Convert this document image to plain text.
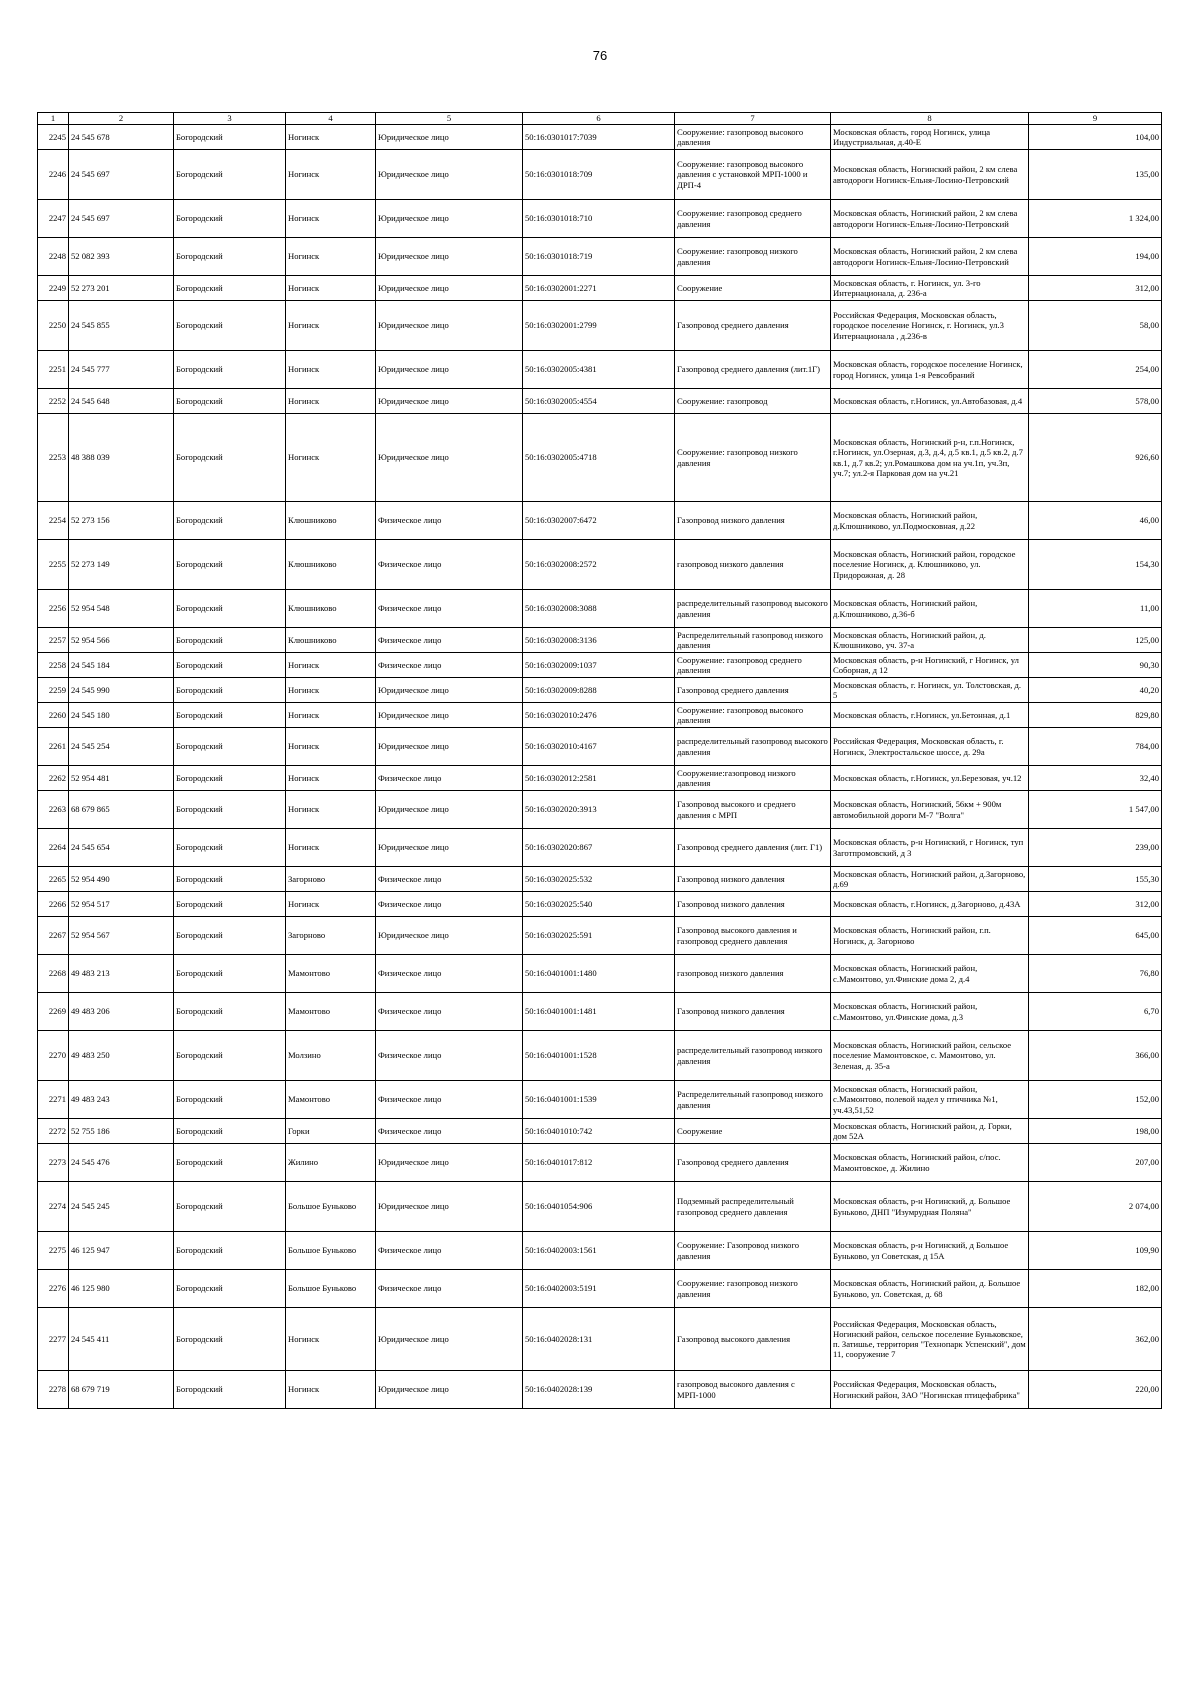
76
1	2	3	4	5	6	7	8	9
2245	24 545 678	Богородский	Ногинск	Юридическое лицо	50:16:0301017:7039	Сооружение: газопровод высокого давления	Московская область, город Ногинск, улица Индустриальная, д.40-Е	104,00
2246	24 545 697	Богородский	Ногинск	Юридическое лицо	50:16:0301018:709	Сооружение: газопровод высокого давления с установкой МРП-1000 и ДРП-4	Московская область, Ногинский район, 2 км слева автодороги Ногинск-Ельня-Лосино-Петровский	135,00
2247	24 545 697	Богородский	Ногинск	Юридическое лицо	50:16:0301018:710	Сооружение: газопровод среднего давления	Московская область, Ногинский район, 2 км слева автодороги Ногинск-Ельня-Лосино-Петровский	1 324,00
2248	52 082 393	Богородский	Ногинск	Юридическое лицо	50:16:0301018:719	Сооружение: газопровод низкого давления	Московская область, Ногинский район, 2 км слева автодороги Ногинск-Ельня-Лосино-Петровский	194,00
2249	52 273 201	Богородский	Ногинск	Юридическое лицо	50:16:0302001:2271	Сооружение	Московская область, г. Ногинск, ул. 3-го Интернационала, д. 236-а	312,00
2250	24 545 855	Богородский	Ногинск	Юридическое лицо	50:16:0302001:2799	Газопровод среднего давления	Российская Федерация, Московская область, городское поселение Ногинск, г. Ногинск, ул.3 Интернационала , д.236-в	58,00
2251	24 545 777	Богородский	Ногинск	Юридическое лицо	50:16:0302005:4381	Газопровод среднего давления (лит.1Г)	Московская область, городское поселение Ногинск, город Ногинск, улица 1-я Ревсобраний	254,00
2252	24 545 648	Богородский	Ногинск	Юридическое лицо	50:16:0302005:4554	Сооружение: газопровод	Московская область, г.Ногинск, ул.Автобазовая, д.4	578,00
2253	48 388 039	Богородский	Ногинск	Юридическое лицо	50:16:0302005:4718	Сооружение: газопровод низкого давления	Московская область, Ногинский р-н, г.п.Ногинск, г.Ногинск, ул.Озерная, д.3, д.4, д.5 кв.1, д.5 кв.2, д.7 кв.1, д.7 кв.2; ул.Ромашкова дом на уч.1п, уч.3п, уч.7; ул.2-я Парковая дом на уч.21	926,60
2254	52 273 156	Богородский	Клюшниково	Физическое лицо	50:16:0302007:6472	Газопровод низкого давления	Московская область, Ногинский район, д.Клюшниково, ул.Подмосковная, д.22	46,00
2255	52 273 149	Богородский	Клюшниково	Физическое лицо	50:16:0302008:2572	газопровод низкого давления	Московская область, Ногинский район, городское поселение Ногинск, д. Клюшниково, ул. Придорожная, д. 28	154,30
2256	52 954 548	Богородский	Клюшниково	Физическое лицо	50:16:0302008:3088	распределительный газопровод высокого давления	Московская область, Ногинский район, д.Клюшниково, д.36-б	11,00
2257	52 954 566	Богородский	Клюшниково	Физическое лицо	50:16:0302008:3136	Распределительный газопровод низкого давления	Московская область, Ногинский район, д. Клюшниково, уч. 37-а	125,00
2258	24 545 184	Богородский	Ногинск	Физическое лицо	50:16:0302009:1037	Сооружение: газопровод среднего давления	Московская область, р-н Ногинский, г Ногинск, ул Соборная, д 12	90,30
2259	24 545 990	Богородский	Ногинск	Юридическое лицо	50:16:0302009:8288	Газопровод среднего давления	Московская область, г. Ногинск, ул. Толстовская, д. 5	40,20
2260	24 545 180	Богородский	Ногинск	Юридическое лицо	50:16:0302010:2476	Сооружение: газопровод высокого давления	Московская область, г.Ногинск, ул.Бетонная, д.1	829,80
2261	24 545 254	Богородский	Ногинск	Юридическое лицо	50:16:0302010:4167	распределительный газопровод высокого давления	Российская Федерация, Московская область, г. Ногинск, Электростальское шоссе, д. 29а	784,00
2262	52 954 481	Богородский	Ногинск	Физическое лицо	50:16:0302012:2581	Сооружение:газопровод низкого давления	Московская область, г.Ногинск, ул.Березовая, уч.12	32,40
2263	68 679 865	Богородский	Ногинск	Юридическое лицо	50:16:0302020:3913	Газопровод высокого и среднего давления с МРП	Московская область, Ногинский, 56км + 900м автомобильной дороги М-7 "Волга"	1 547,00
2264	24 545 654	Богородский	Ногинск	Юридическое лицо	50:16:0302020:867	Газопровод среднего давления (лит. Г1)	Московская область, р-н Ногинский, г Ногинск, туп Заготпромовский, д 3	239,00
2265	52 954 490	Богородский	Загорново	Физическое лицо	50:16:0302025:532	Газопровод низкого давления	Московская область, Ногинский район, д.Загорново, д.69	155,30
2266	52 954 517	Богородский	Ногинск	Физическое лицо	50:16:0302025:540	Газопровод низкого давления	Московская область, г.Ногинск, д.Загорново, д.43А	312,00
2267	52 954 567	Богородский	Загорново	Юридическое лицо	50:16:0302025:591	Газопровод высокого давления и газопровод среднего давления	Московская область, Ногинский район, г.п. Ногинск, д. Загорново	645,00
2268	49 483 213	Богородский	Мамонтово	Физическое лицо	50:16:0401001:1480	газопровод низкого давления	Московская область, Ногинский район, с.Мамонтово, ул.Финские дома 2, д.4	76,80
2269	49 483 206	Богородский	Мамонтово	Физическое лицо	50:16:0401001:1481	Газопровод низкого давления	Московская область, Ногинский район, с.Мамонтово, ул.Финские дома, д.3	6,70
2270	49 483 250	Богородский	Молзино	Физическое лицо	50:16:0401001:1528	распределительный газопровод низкого давления	Московская область, Ногинский район, сельское поселение Мамонтовское, с. Мамонтово, ул. Зеленая, д. 35-а	366,00
2271	49 483 243	Богородский	Мамонтово	Физическое лицо	50:16:0401001:1539	Распределительный газопровод низкого давления	Московская область, Ногинский район, с.Мамонтово, полевой надел у птичника №1, уч.43,51,52	152,00
2272	52 755 186	Богородский	Горки	Физическое лицо	50:16:0401010:742	Сооружение	Московская область, Ногинский район, д. Горки, дом 52А	198,00
2273	24 545 476	Богородский	Жилино	Юридическое лицо	50:16:0401017:812	Газопровод среднего давления	Московская область, Ногинский район, с/пос. Мамонтовское, д. Жилино	207,00
2274	24 545 245	Богородский	Большое Буньково	Юридическое лицо	50:16:0401054:906	Подземный распределительный газопровод среднего давления	Московская область, р-н Ногинский, д. Большое Буньково, ДНП "Изумрудная Поляна"	2 074,00
2275	46 125 947	Богородский	Большое Буньково	Физическое лицо	50:16:0402003:1561	Сооружение: Газопровод низкого давления	Московская область, р-н Ногинский, д Большое Буньково, ул Советская, д 15А	109,90
2276	46 125 980	Богородский	Большое Буньково	Физическое лицо	50:16:0402003:5191	Сооружение: газопровод низкого давления	Московская область, Ногинский район, д. Большое Буньково, ул. Советская, д. 68	182,00
2277	24 545 411	Богородский	Ногинск	Юридическое лицо	50:16:0402028:131	Газопровод высокого давления	Российская Федерация, Московская область, Ногинский район, сельское поселение Буньковское, п. Затишье, территория "Технопарк Успенский", дом 11, сооружение 7	362,00
2278	68 679 719	Богородский	Ногинск	Юридическое лицо	50:16:0402028:139	газопровод высокого давления с МРП-1000	Российская Федерация, Московская область, Ногинский район, ЗАО "Ногинская птицефабрика"	220,00
